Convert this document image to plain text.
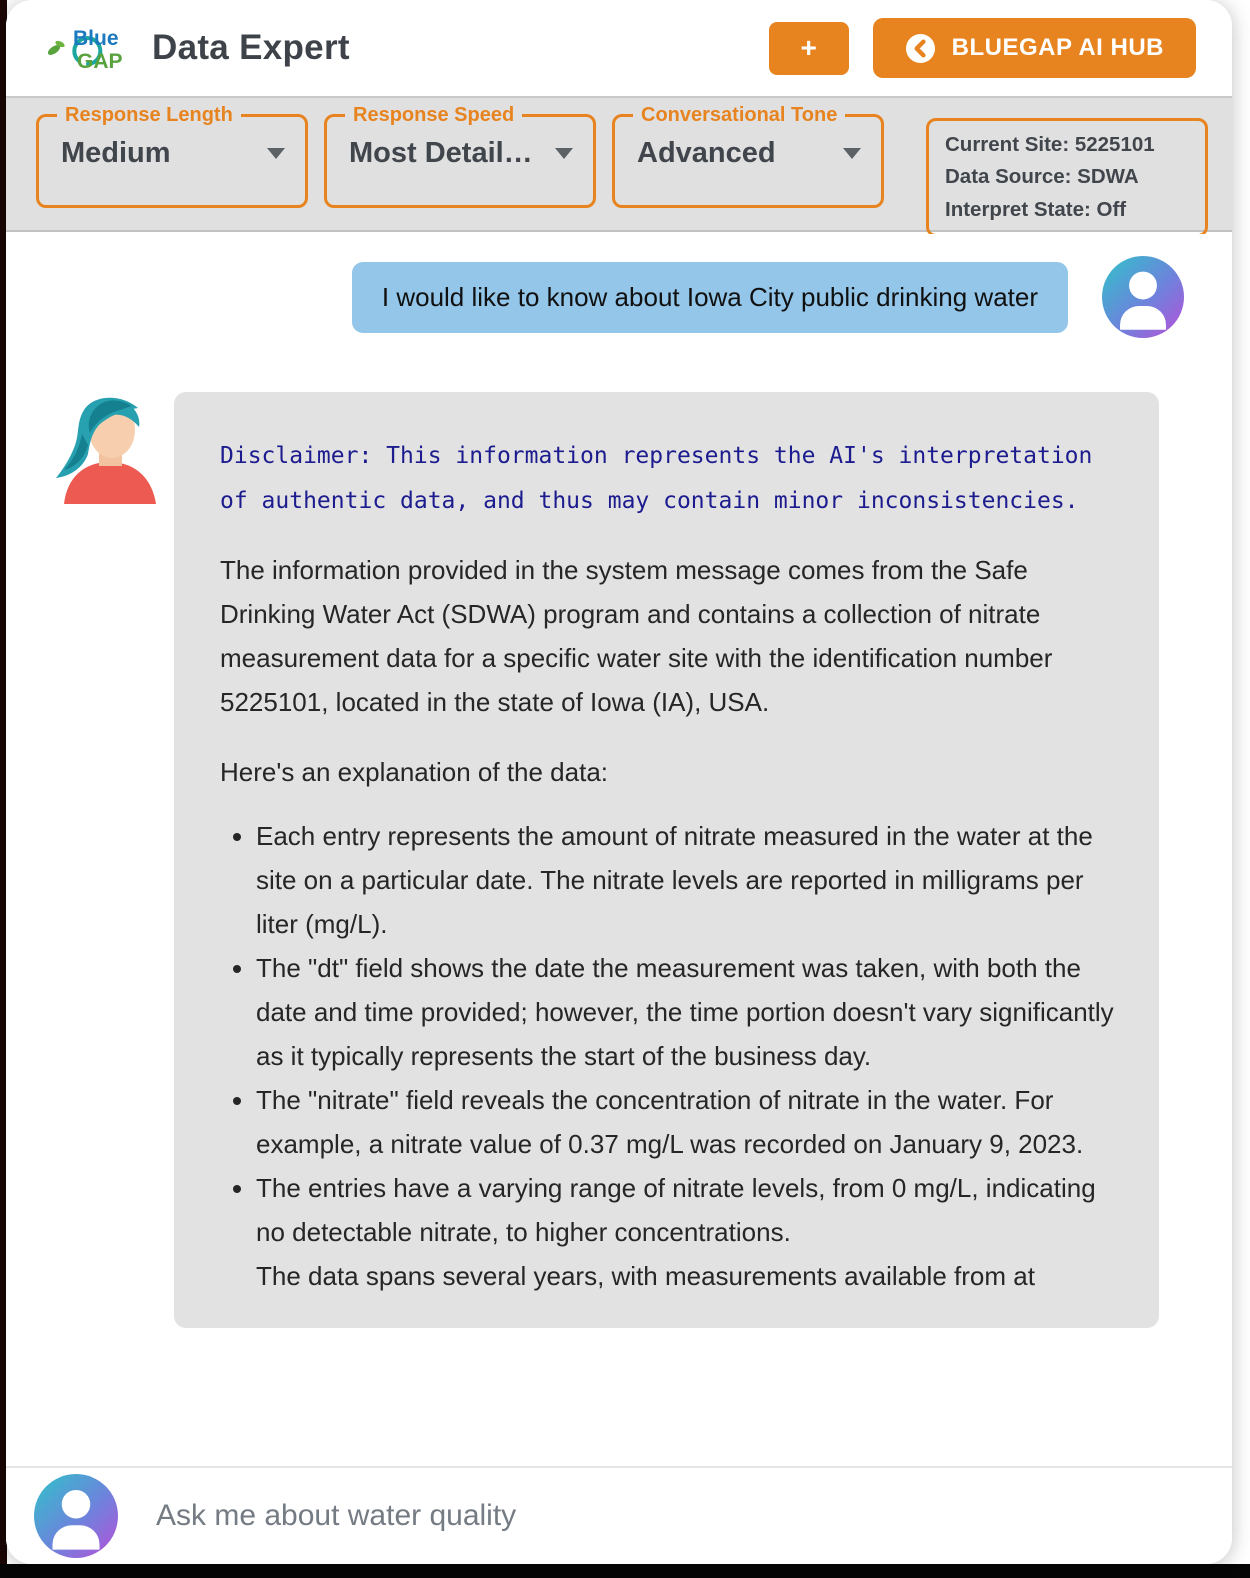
Blue
GAP Data Expert	+	BLUEGAP AI HUB
Response Length
Medium
Response Speed
Most Detail…
Conversational Tone
Advanced	Current Site: 5225101
Data Source: SDWA
Interpret State: Off
I would like to know about Iowa City public drinking water
Disclaimer: This information represents the AI's interpretation of authentic data, and thus may contain minor inconsistencies.
The information provided in the system message comes from the Safe Drinking Water Act (SDWA) program and contains a collection of nitrate measurement data for a specific water site with the identification number 5225101, located in the state of Iowa (IA), USA.
Here's an explanation of the data:
• Each entry represents the amount of nitrate measured in the water at the site on a particular date. The nitrate levels are reported in milligrams per liter (mg/L).
• The "dt" field shows the date the measurement was taken, with both the date and time provided; however, the time portion doesn't vary significantly as it typically represents the start of the business day.
• The "nitrate" field reveals the concentration of nitrate in the water. For example, a nitrate value of 0.37 mg/L was recorded on January 9, 2023.
• The entries have a varying range of nitrate levels, from 0 mg/L, indicating no detectable nitrate, to higher concentrations.
The data spans several years, with measurements available from at
Ask me about water quality
